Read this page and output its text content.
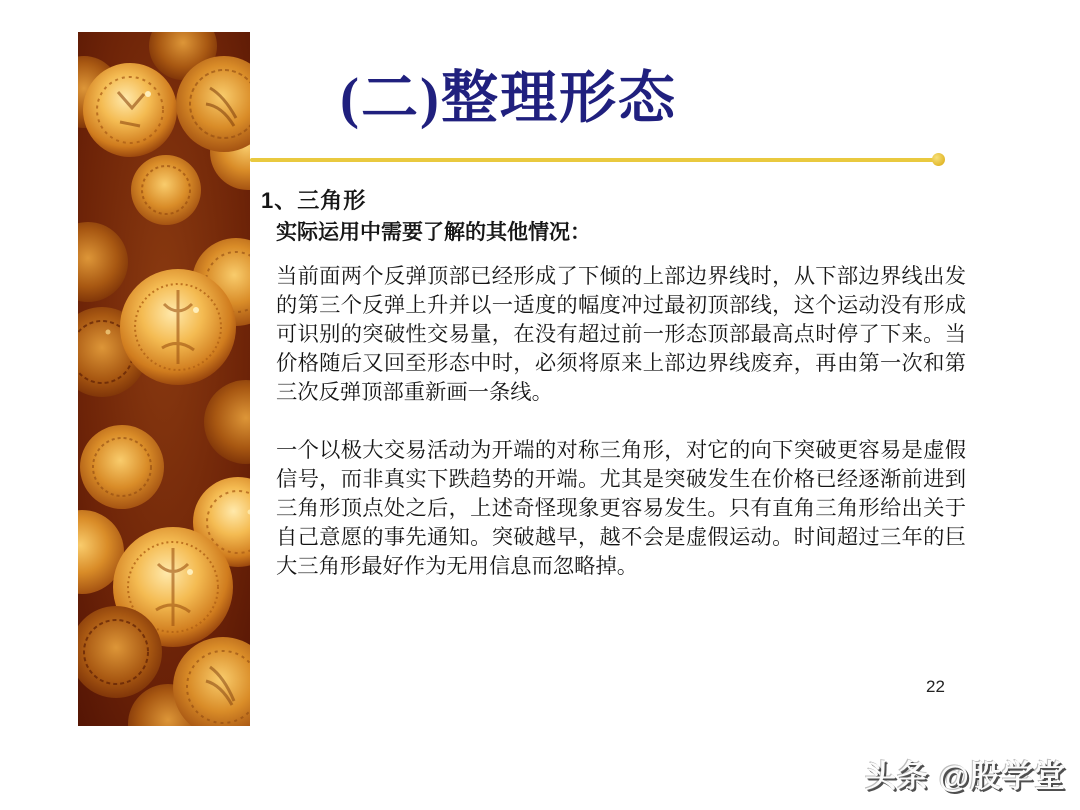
(二)整理形态
1、三角形
实际运用中需要了解的其他情况：

当前面两个反弹顶部已经形成了下倾的上部边界线时，从下部边界线出发的第三个反弹上升并以一适度的幅度冲过最初顶部线，这个运动没有形成可识别的突破性交易量，在没有超过前一形态顶部最高点时停了下来。当价格随后又回至形态中时，必须将原来上部边界线废弃，再由第一次和第三次反弹顶部重新画一条线。

一个以极大交易活动为开端的对称三角形，对它的向下突破更容易是虚假信号，而非真实下跌趋势的开端。尤其是突破发生在价格已经逐渐前进到三角形顶点处之后，上述奇怪现象更容易发生。只有直角三角形给出关于自己意愿的事先通知。突破越早，越不会是虚假运动。时间超过三年的巨大三角形最好作为无用信息而忽略掉。

22
头条 @股学堂
